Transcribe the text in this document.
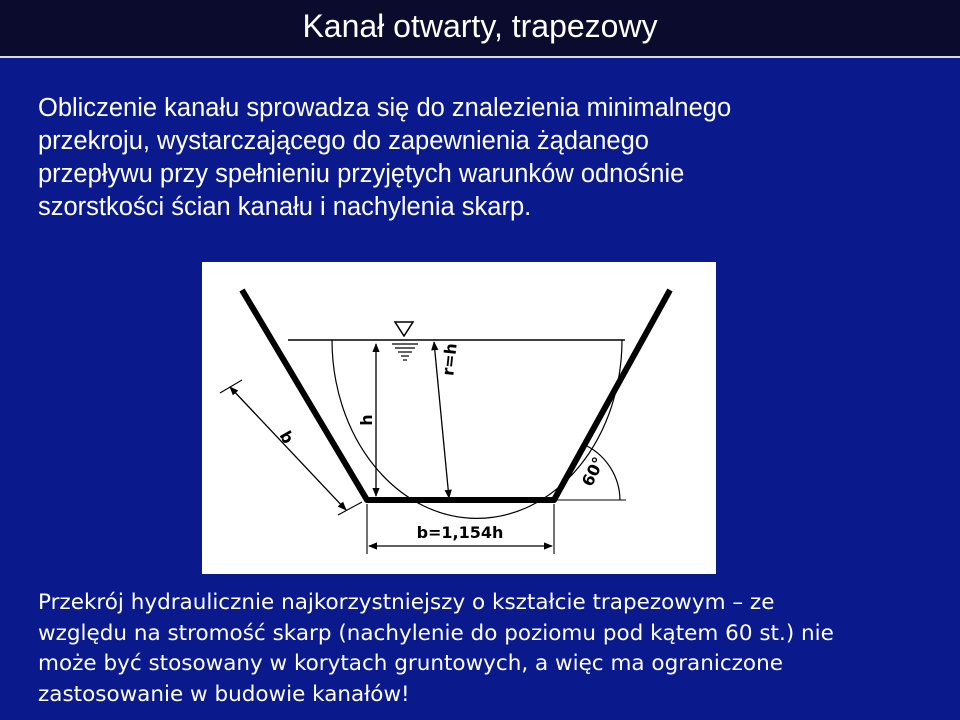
Kanał otwarty, trapezowy
Obliczenie kanału sprowadza się do znalezienia minimalnego
przekroju, wystarczającego do zapewnienia żądanego
przepływu przy spełnieniu przyjętych warunków odnośnie
szorstkości ścian kanału i nachylenia skarp.
h
r=h
b
60°
b=1,154h
Przekrój hydraulicznie najkorzystniejszy o kształcie trapezowym – ze
względu na stromość skarp (nachylenie do poziomu pod kątem 60 st.) nie
może być stosowany w korytach gruntowych, a więc ma ograniczone
zastosowanie w budowie kanałów!
